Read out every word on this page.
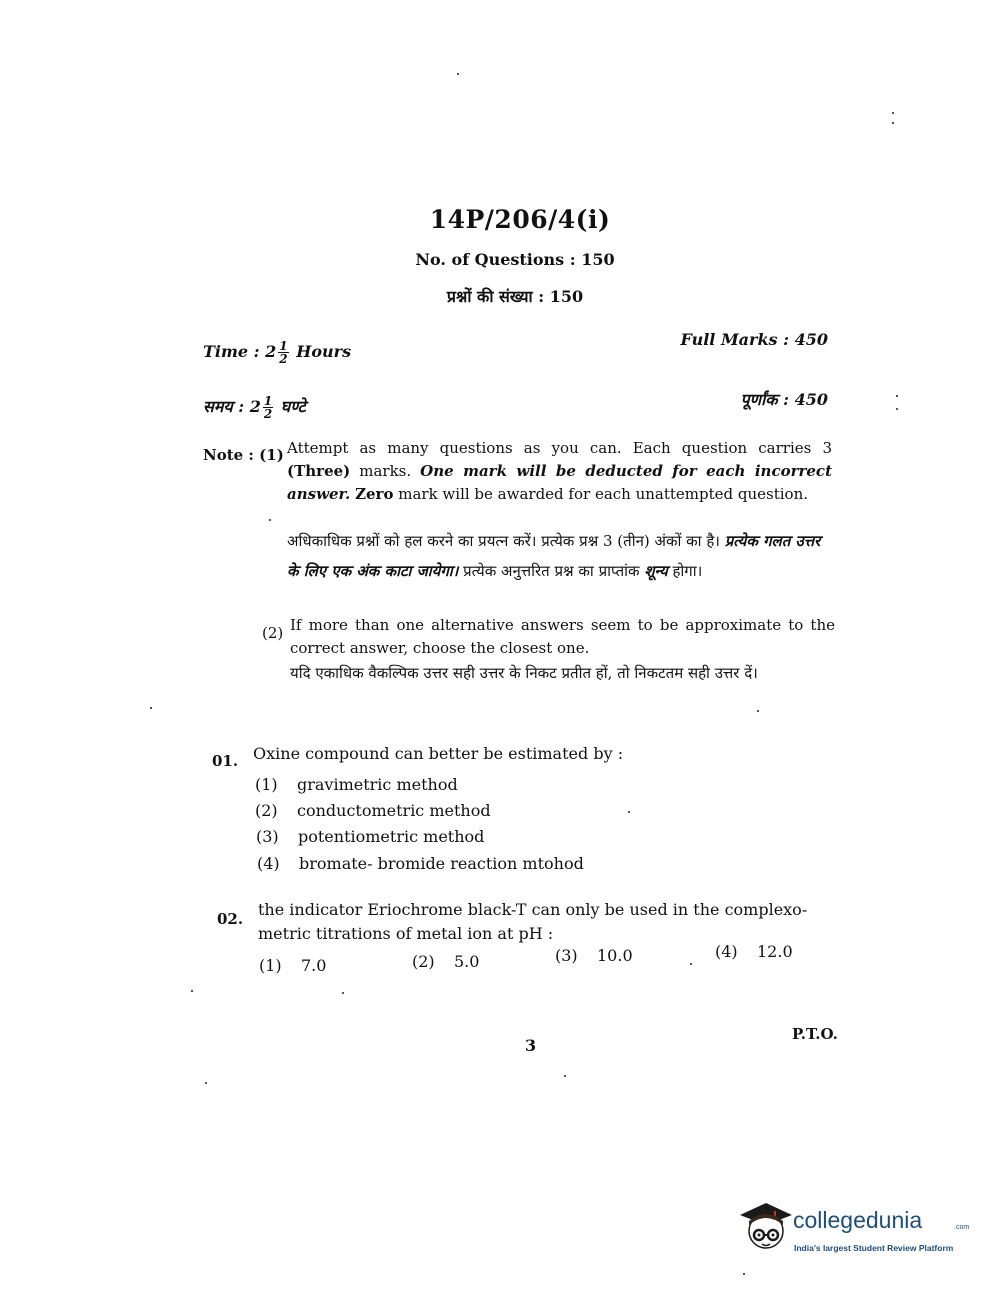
14P/206/4(i)
No. of Questions : 150
प्रश्नों की संख्या : 150
Time : $2 \frac{1}{2}$ Hours
Full Marks : 450
समय : $2 \frac{1}{2}$ घण्टे	पूर्णांक : 450
Note : (1) Attempt as many questions as you can. Each question carries 3 (Three) marks. One mark will be deducted for each incorrect answer. Zero mark will be awarded for each unattempted question.
अधिकाधिक प्रश्नों को हल करने का प्रयत्न करें। प्रत्येक प्रश्न 3 (तीन) अंकों का है। प्रत्येक गलत उत्तर के लिए एक अंक काटा जायेगा। प्रत्येक अनुत्तरित प्रश्न का प्राप्तांक शून्य होगा।
(2) If more than one alternative answers seem to be approximate to the correct answer, choose the closest one.
यदि एकाधिक वैकल्पिक उत्तर सही उत्तर के निकट प्रतीत हों, तो निकटतम सही उत्तर दें।
01. Oxine compound can better be estimated by :
(1) gravimetric method
(2) conductometric method
(3) potentiometric method
(4) bromate- bromide reaction mtohod
02. the indicator Eriochrome black-T can only be used in the complexo-metric titrations of metal ion at pH :
(1) 7.0	(2) 5.0	(3) 10.0	(4) 12.0
3
P.T.O.
collegedunia	.com
India's largest Student Review Platform
